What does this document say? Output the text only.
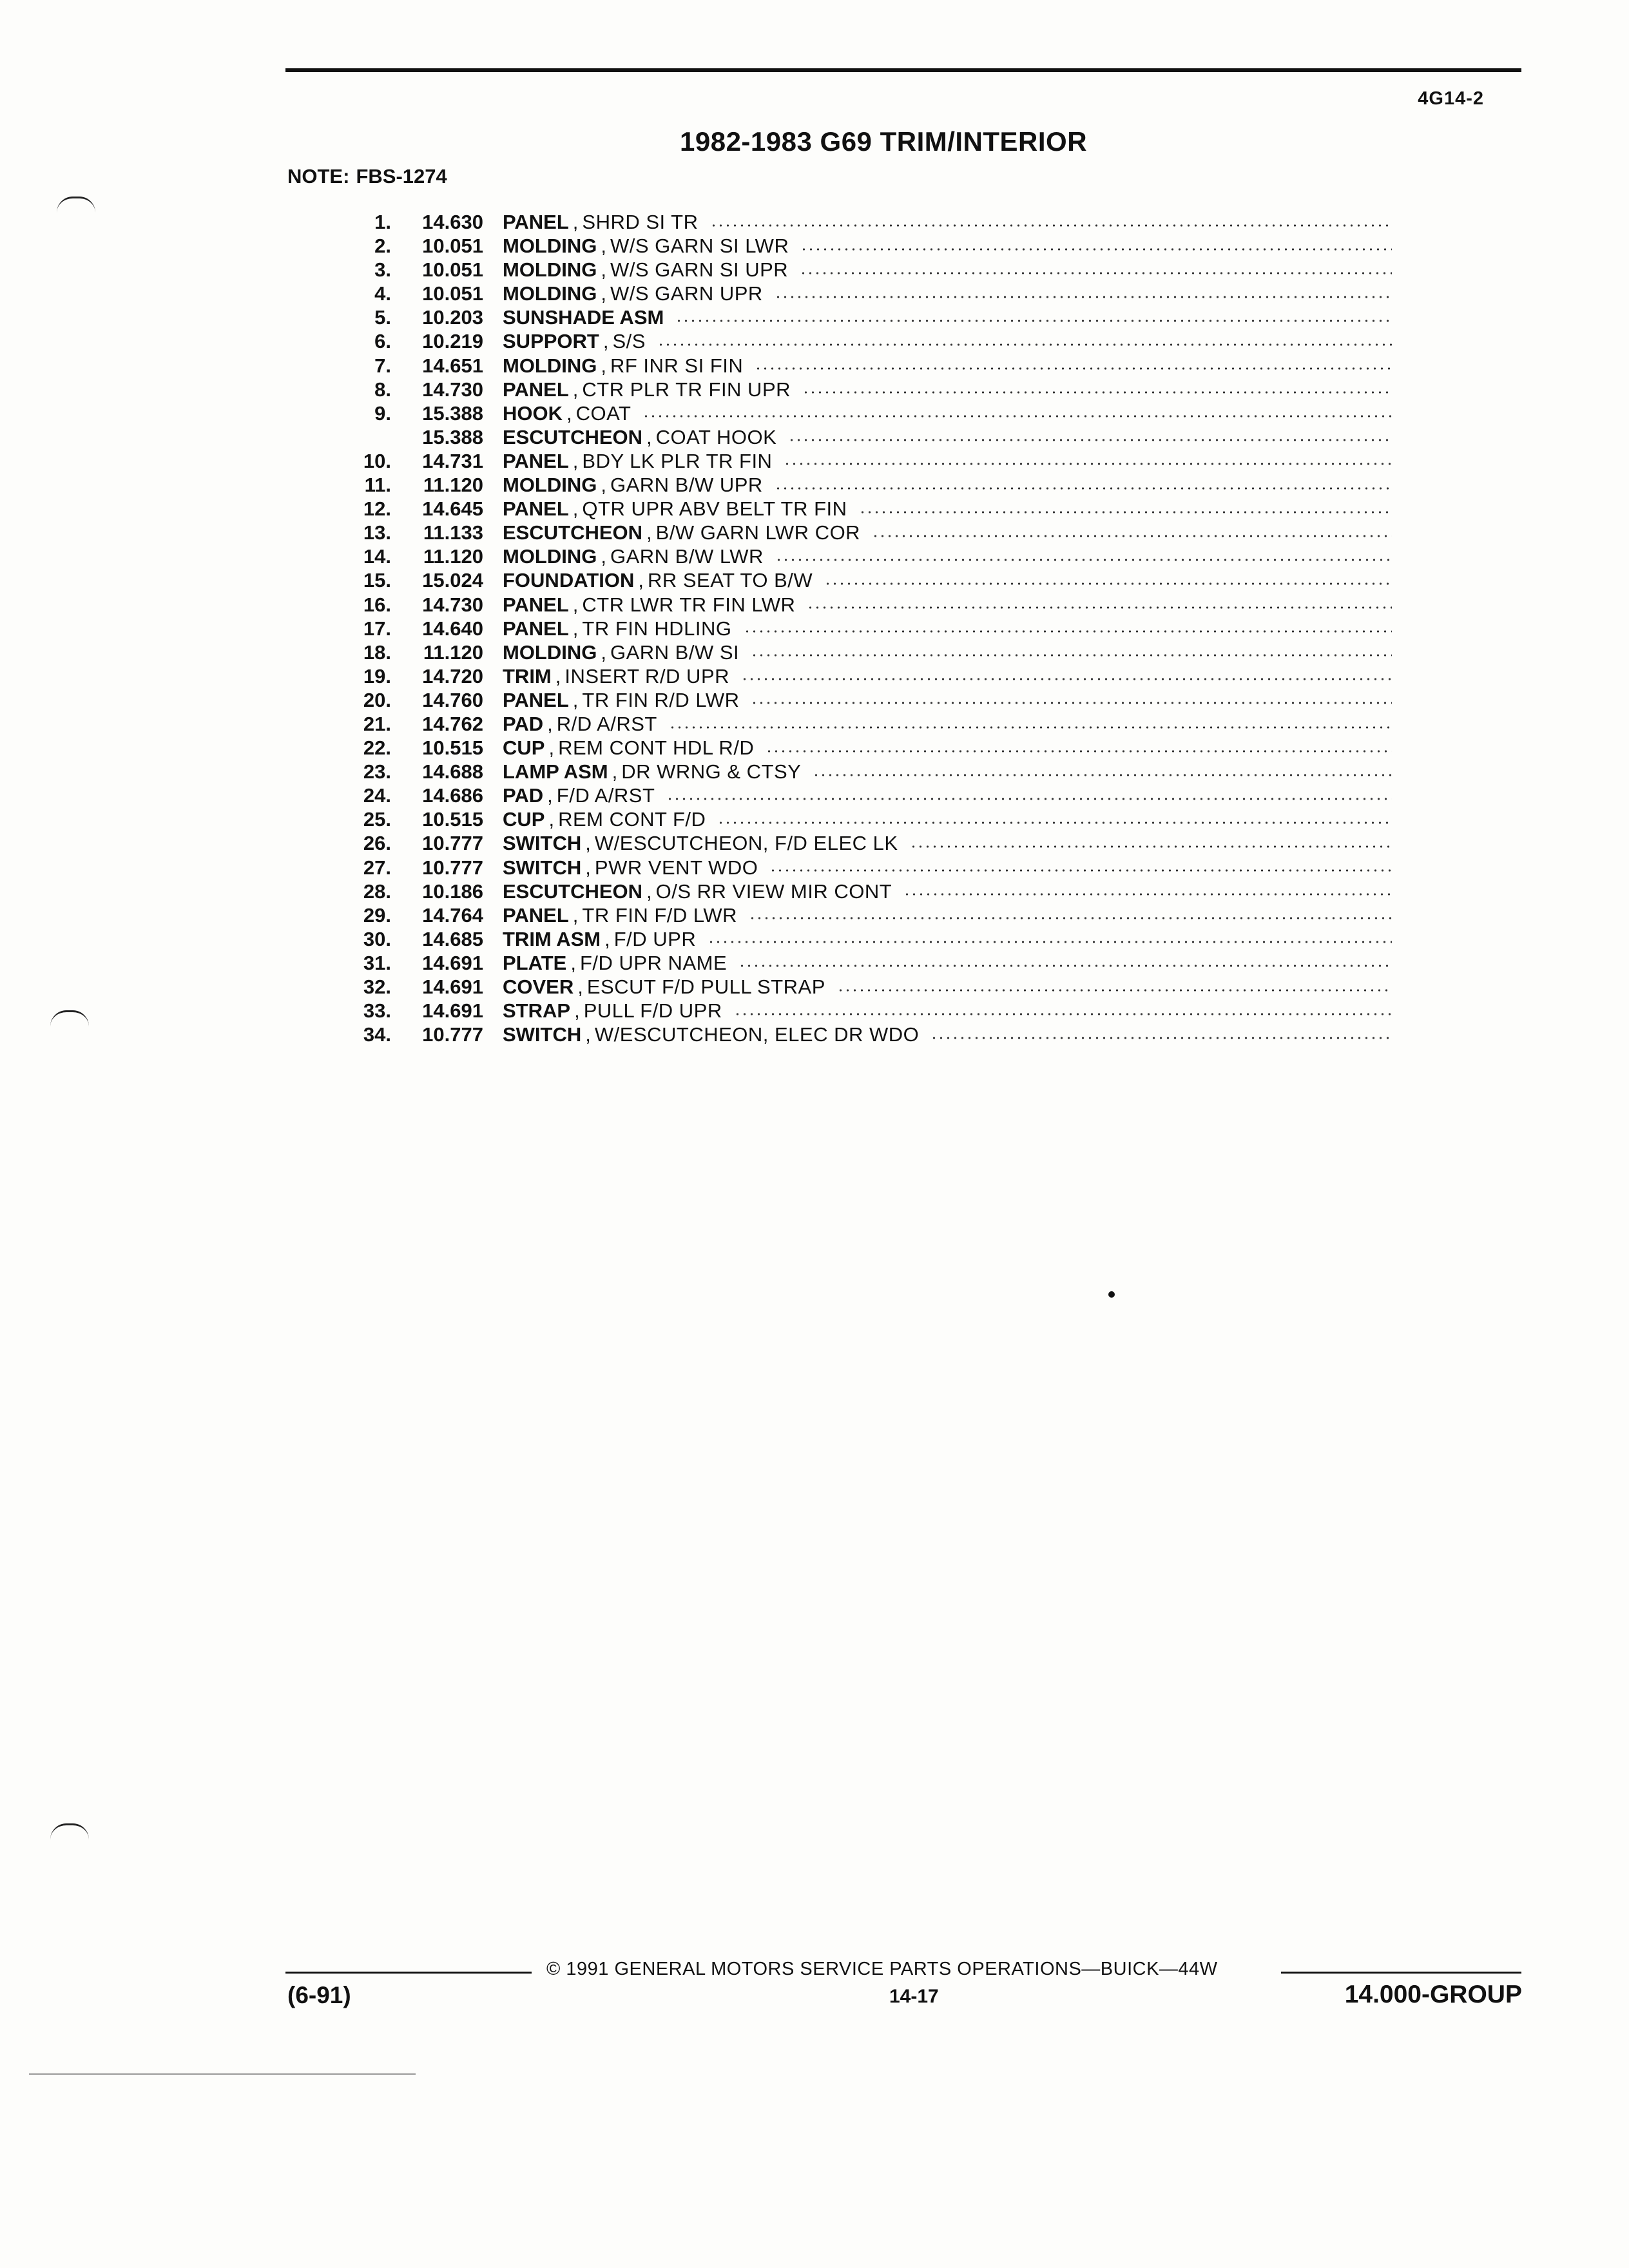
4G14-2
1982-1983 G69 TRIM/INTERIOR
NOTE: FBS-1274
1.	14.630 PANEL , SHRD SI TR
2.	10.051 MOLDING , W/S GARN SI LWR
3.	10.051 MOLDING , W/S GARN SI UPR
4.	10.051 MOLDING , W/S GARN UPR
5.	10.203 SUNSHADE ASM
6.	10.219 SUPPORT , S/S
7.	14.651 MOLDING , RF INR SI FIN
8.	14.730 PANEL , CTR PLR TR FIN UPR
9.	15.388 HOOK , COAT
15.388 ESCUTCHEON , COAT HOOK
10.	14.731 PANEL , BDY LK PLR TR FIN
11.	11.120 MOLDING , GARN B/W UPR
12.	14.645 PANEL , QTR UPR ABV BELT TR FIN
13.	11.133 ESCUTCHEON , B/W GARN LWR COR
14.	11.120 MOLDING , GARN B/W LWR
15.	15.024 FOUNDATION , RR SEAT TO B/W
16.	14.730 PANEL , CTR LWR TR FIN LWR
17.	14.640 PANEL , TR FIN HDLING
18.	11.120 MOLDING , GARN B/W SI
19.	14.720 TRIM , INSERT R/D UPR
20.	14.760 PANEL , TR FIN R/D LWR
21.	14.762 PAD , R/D A/RST
22.	10.515 CUP , REM CONT HDL R/D
23.	14.688 LAMP ASM , DR WRNG & CTSY
24.	14.686 PAD , F/D A/RST
25.	10.515 CUP , REM CONT F/D
26.	10.777 SWITCH , W/ESCUTCHEON, F/D ELEC LK
27.	10.777 SWITCH , PWR VENT WDO
28.	10.186 ESCUTCHEON , O/S RR VIEW MIR CONT
29.	14.764 PANEL , TR FIN F/D LWR
30.	14.685 TRIM ASM , F/D UPR
31.	14.691 PLATE , F/D UPR NAME
32.	14.691 COVER , ESCUT F/D PULL STRAP
33.	14.691 STRAP , PULL F/D UPR
34.	10.777 SWITCH , W/ESCUTCHEON, ELEC DR WDO
© 1991 GENERAL MOTORS SERVICE PARTS OPERATIONS—BUICK—44W
(6-91)	14-17	14.000-GROUP
